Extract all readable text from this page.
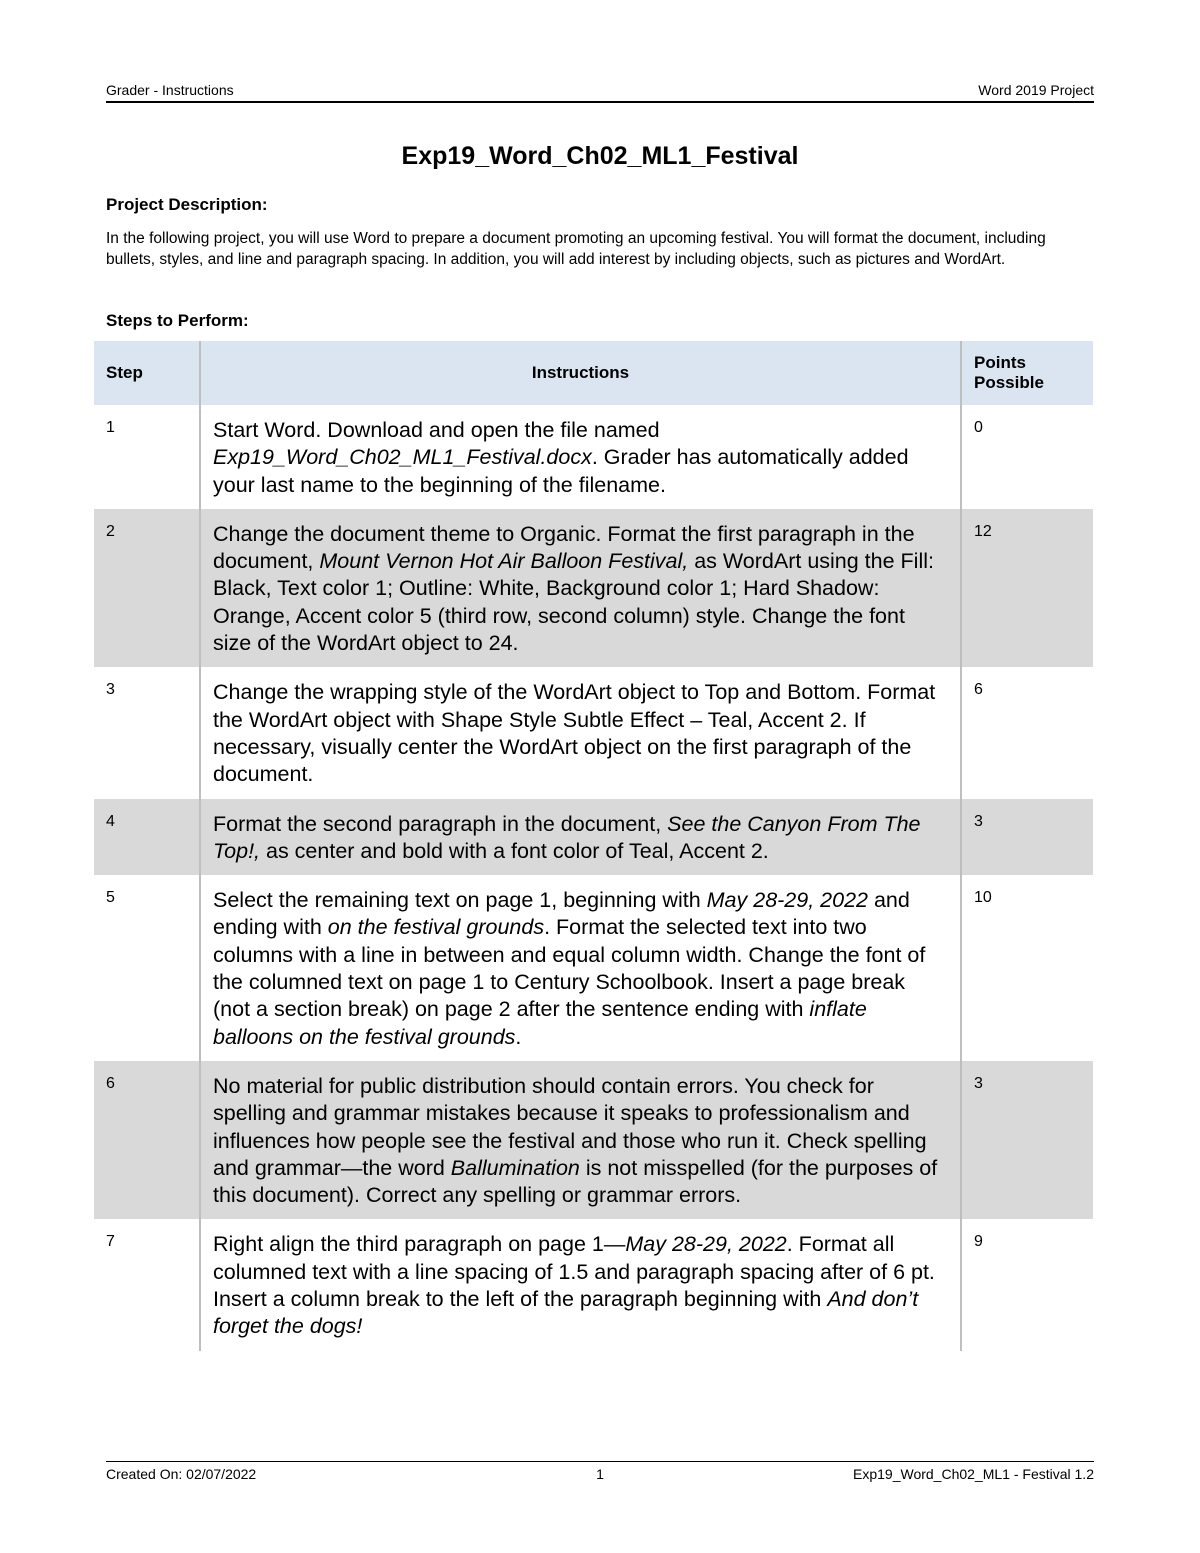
Grader - Instructions	Word 2019 Project
Exp19_Word_Ch02_ML1_Festival
Project Description:
In the following project, you will use Word to prepare a document promoting an upcoming festival. You will format the document, including bullets, styles, and line and paragraph spacing. In addition, you will add interest by including objects, such as pictures and WordArt.
Steps to Perform:
Step	Instructions	Points Possible
1	Start Word. Download and open the file named Exp19_Word_Ch02_ML1_Festival.docx. Grader has automatically added your last name to the beginning of the filename.	0
2	Change the document theme to Organic. Format the first paragraph in the document, Mount Vernon Hot Air Balloon Festival, as WordArt using the Fill: Black, Text color 1; Outline: White, Background color 1; Hard Shadow: Orange, Accent color 5 (third row, second column) style. Change the font size of the WordArt object to 24.	12
3	Change the wrapping style of the WordArt object to Top and Bottom. Format the WordArt object with Shape Style Subtle Effect – Teal, Accent 2. If necessary, visually center the WordArt object on the first paragraph of the document.	6
4	Format the second paragraph in the document, See the Canyon From The Top!, as center and bold with a font color of Teal, Accent 2.	3
5	Select the remaining text on page 1, beginning with May 28-29, 2022 and ending with on the festival grounds. Format the selected text into two columns with a line in between and equal column width. Change the font of the columned text on page 1 to Century Schoolbook. Insert a page break (not a section break) on page 2 after the sentence ending with inflate balloons on the festival grounds.	10
6	No material for public distribution should contain errors. You check for spelling and grammar mistakes because it speaks to professionalism and influences how people see the festival and those who run it. Check spelling and grammar—the word Ballumination is not misspelled (for the purposes of this document). Correct any spelling or grammar errors.	3
7	Right align the third paragraph on page 1—May 28-29, 2022. Format all columned text with a line spacing of 1.5 and paragraph spacing after of 6 pt. Insert a column break to the left of the paragraph beginning with And don’t forget the dogs!	9
Created On: 02/07/2022	1	Exp19_Word_Ch02_ML1 - Festival 1.2
